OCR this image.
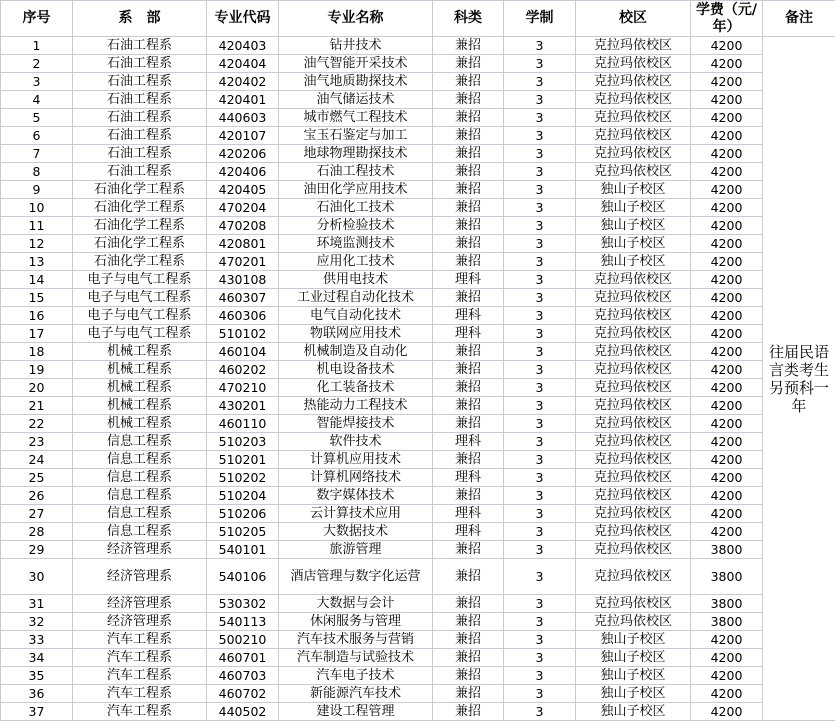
序号	系　部	专业代码	专业名称	科类	学制	校区	学费（元/年）	备注
1	石油工程系	420403	钻井技术	兼招	3	克拉玛依校区	4200	往届民语言类考生另预科一年
2	石油工程系	420404	油气智能开采技术	兼招	3	克拉玛依校区	4200	
3	石油工程系	420402	油气地质勘探技术	兼招	3	克拉玛依校区	4200	
4	石油工程系	420401	油气储运技术	兼招	3	克拉玛依校区	4200	
5	石油工程系	440603	城市燃气工程技术	兼招	3	克拉玛依校区	4200	
6	石油工程系	420107	宝玉石鉴定与加工	兼招	3	克拉玛依校区	4200	
7	石油工程系	420206	地球物理勘探技术	兼招	3	克拉玛依校区	4200	
8	石油工程系	420406	石油工程技术	兼招	3	克拉玛依校区	4200	
9	石油化学工程系	420405	油田化学应用技术	兼招	3	独山子校区	4200	
10	石油化学工程系	470204	石油化工技术	兼招	3	独山子校区	4200	
11	石油化学工程系	470208	分析检验技术	兼招	3	独山子校区	4200	
12	石油化学工程系	420801	环境监测技术	兼招	3	独山子校区	4200	
13	石油化学工程系	470201	应用化工技术	兼招	3	独山子校区	4200	
14	电子与电气工程系	430108	供用电技术	理科	3	克拉玛依校区	4200	
15	电子与电气工程系	460307	工业过程自动化技术	兼招	3	克拉玛依校区	4200	
16	电子与电气工程系	460306	电气自动化技术	理科	3	克拉玛依校区	4200	
17	电子与电气工程系	510102	物联网应用技术	理科	3	克拉玛依校区	4200	
18	机械工程系	460104	机械制造及自动化	兼招	3	克拉玛依校区	4200	
19	机械工程系	460202	机电设备技术	兼招	3	克拉玛依校区	4200	
20	机械工程系	470210	化工装备技术	兼招	3	克拉玛依校区	4200	
21	机械工程系	430201	热能动力工程技术	兼招	3	克拉玛依校区	4200	
22	机械工程系	460110	智能焊接技术	兼招	3	克拉玛依校区	4200	
23	信息工程系	510203	软件技术	理科	3	克拉玛依校区	4200	
24	信息工程系	510201	计算机应用技术	兼招	3	克拉玛依校区	4200	
25	信息工程系	510202	计算机网络技术	理科	3	克拉玛依校区	4200	
26	信息工程系	510204	数字媒体技术	兼招	3	克拉玛依校区	4200	
27	信息工程系	510206	云计算技术应用	理科	3	克拉玛依校区	4200	
28	信息工程系	510205	大数据技术	理科	3	克拉玛依校区	4200	
29	经济管理系	540101	旅游管理	兼招	3	克拉玛依校区	3800	
30	经济管理系	540106	酒店管理与数字化运营	兼招	3	克拉玛依校区	3800	
31	经济管理系	530302	大数据与会计	兼招	3	克拉玛依校区	3800	
32	经济管理系	540113	休闲服务与管理	兼招	3	克拉玛依校区	3800	
33	汽车工程系	500210	汽车技术服务与营销	兼招	3	独山子校区	4200	
34	汽车工程系	460701	汽车制造与试验技术	兼招	3	独山子校区	4200	
35	汽车工程系	460703	汽车电子技术	兼招	3	独山子校区	4200	
36	汽车工程系	460702	新能源汽车技术	兼招	3	独山子校区	4200	
37	汽车工程系	440502	建设工程管理	兼招	3	独山子校区	4200	
